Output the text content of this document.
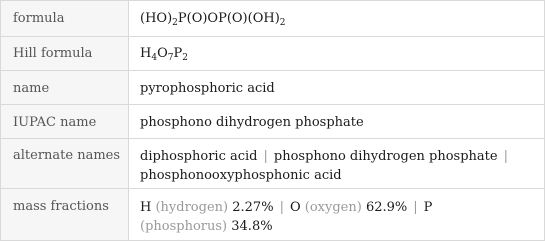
formula	$(HO)_2P(O)OP(O)(OH)_2$
Hill formula	$H_4O_7P_2$
name	pyrophosphoric acid
IUPAC name	phosphono dihydrogen phosphate
alternate names	diphosphoric acid | phosphono dihydrogen phosphate |
phosphonooxyphosphonic acid
mass fractions	H (hydrogen) 2.27% | O (oxygen) 62.9% | P
(phosphorus) 34.8%
